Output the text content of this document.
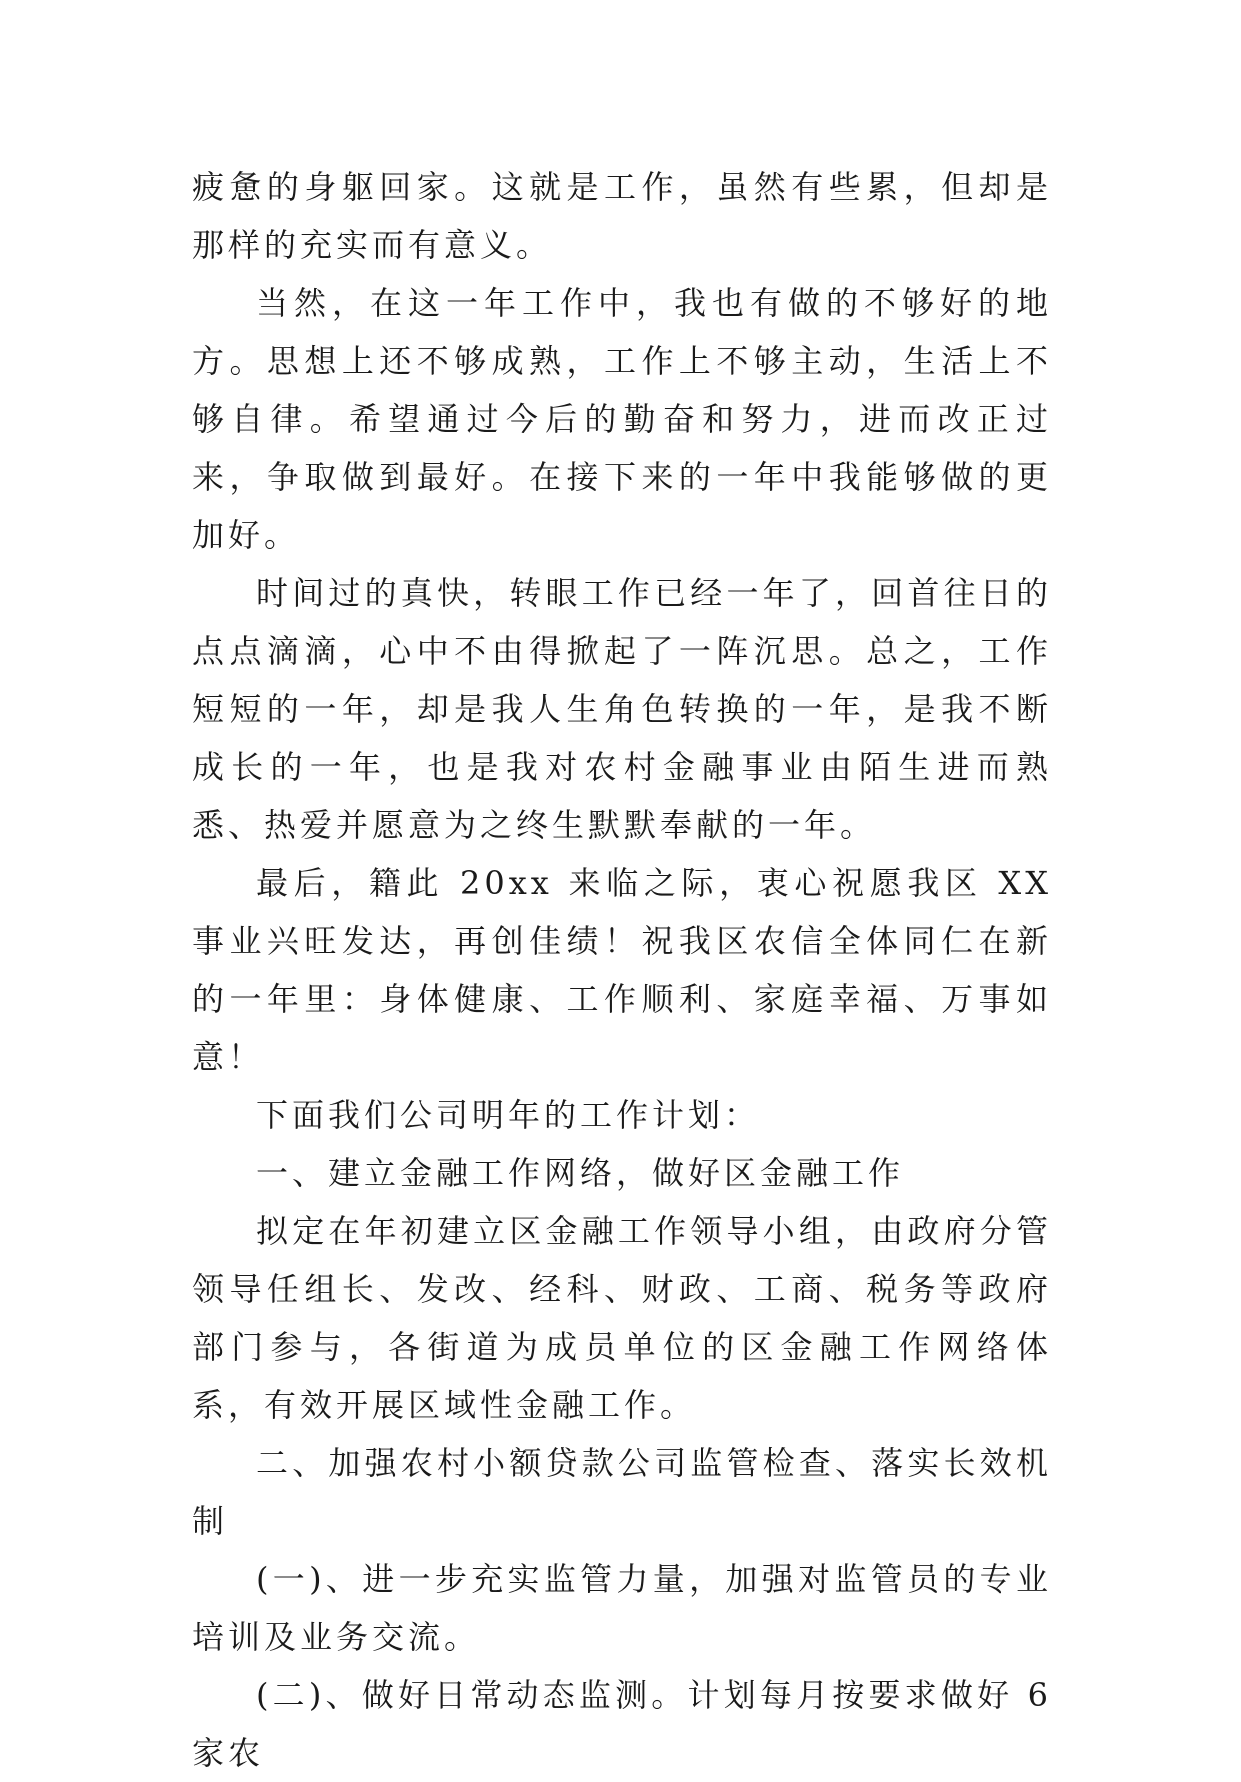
疲惫的身躯回家。这就是工作，虽然有些累，但却是那样的充实而有意义。

当然，在这一年工作中，我也有做的不够好的地方。思想上还不够成熟，工作上不够主动，生活上不够自律。希望通过今后的勤奋和努力，进而改正过来，争取做到最好。在接下来的一年中我能够做的更加好。

时间过的真快，转眼工作已经一年了，回首往日的点点滴滴，心中不由得掀起了一阵沉思。总之，工作短短的一年，却是我人生角色转换的一年，是我不断成长的一年，也是我对农村金融事业由陌生进而熟悉、热爱并愿意为之终生默默奉献的一年。

最后，籍此 20xx 来临之际，衷心祝愿我区 XX 事业兴旺发达，再创佳绩！祝我区农信全体同仁在新的一年里：身体健康、工作顺利、家庭幸福、万事如意！

下面我们公司明年的工作计划：

一、建立金融工作网络，做好区金融工作

拟定在年初建立区金融工作领导小组，由政府分管领导任组长、发改、经科、财政、工商、税务等政府部门参与，各街道为成员单位的区金融工作网络体系，有效开展区域性金融工作。

二、加强农村小额贷款公司监管检查、落实长效机制

(一)、进一步充实监管力量，加强对监管员的专业培训及业务交流。

(二)、做好日常动态监测。计划每月按要求做好 6 家农
